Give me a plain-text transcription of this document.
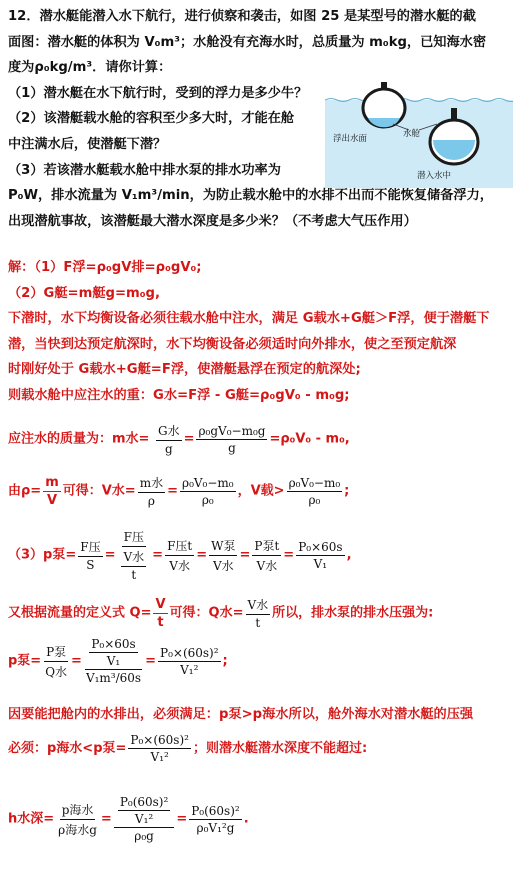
12．潜水艇能潜入水下航行，进行侦察和袭击，如图 25 是某型号的潜水艇的截

面图：潜水艇的体积为 V₀m³；水舱没有充海水时，总质量为 m₀kg，已知海水密

度为ρ₀kg/m³．请你计算：

（1）潜水艇在水下航行时，受到的浮力是多少牛？

（2）该潜艇载水舱的容积至少多大时，才能在舱

中注满水后，使潜艇下潜？

（3）若该潜水艇载水舱中排水泵的排水功率为

P₀W，排水流量为 V₁m³/min，为防止载水舱中的水排不出而不能恢复储备浮力，

出现潜航事故，该潜艇最大潜水深度是多少米？（不考虑大气压作用）

浮出水面	水舱
潜入水中

解：（1）F浮=ρ₀gV排=ρ₀gV₀;

（2）G艇=m艇g=m₀g,

下潜时，水下均衡设备必须往载水舱中注水，满足 G载水+G艇＞F浮，便于潜艇下

潜，当快到达预定航深时，水下均衡设备必须适时向外排水，使之至预定航深

时刚好处于 G载水+G艇=F浮，使潜艇悬浮在预定的航深处;

则载水舱中应注水的重：G水=F浮 - G艇=ρ₀gV₀ - m₀g;

应注水的质量为：m水= $\frac{\text{G水}}{g} = \frac{\text{ρ₀gV₀−m₀g}}{g} =\rho_0V_0 - m_0$,
由$\rho= \frac{m}{V}$ 可得：V水= $\frac{\text{m水}}{\rho} = \frac{\text{ρ₀V₀−m₀}}{\text{ρ₀}}$ ，V载> $\frac{\text{ρ₀V₀−m₀}}{\text{ρ₀}}$ ;
（3）p泵= $\frac{\text{F压}}{S} = \frac{\text{F压}}{\frac{\text{V水}}{t}} = \frac{\text{F压t}}{\text{V水}} = \frac{\text{W泵}}{\text{V水}} = \frac{\text{P泵t}}{\text{V水}} = \frac{\text{P₀×60s}}{\text{V₁}}$ ,
又根据流量的定义式 $Q= \frac{V}{t}$ 可得：Q水= $\frac{\text{V水}}{t}$ 所以，排水泵的排水压强为:
p泵= $\frac{\text{P泵}}{\text{Q水}} = \frac{\frac{\text{P₀×60s}}{\text{V₁}}}{\text{V₁m³/60s}} = \frac{\text{P₀×(60s)²}}{\text{V₁²}}$ ;

因要能把舱内的水排出，必须满足：p泵>p海水所以，舱外海水对潜水艇的压强

必须：p海水<p泵= $\frac{\text{P₀×(60s)²}}{\text{V₁²}}$ ；则潜水艇潜水深度不能超过:
h水深= $\frac{\text{p海水}}{\text{ρ海水g}} = \frac{\frac{\text{P₀(60s)²}}{\text{V₁²}}}{\text{ρ₀g}} = \frac{\text{P₀(60s)²}}{\text{ρ₀V₁²g}}$ .
